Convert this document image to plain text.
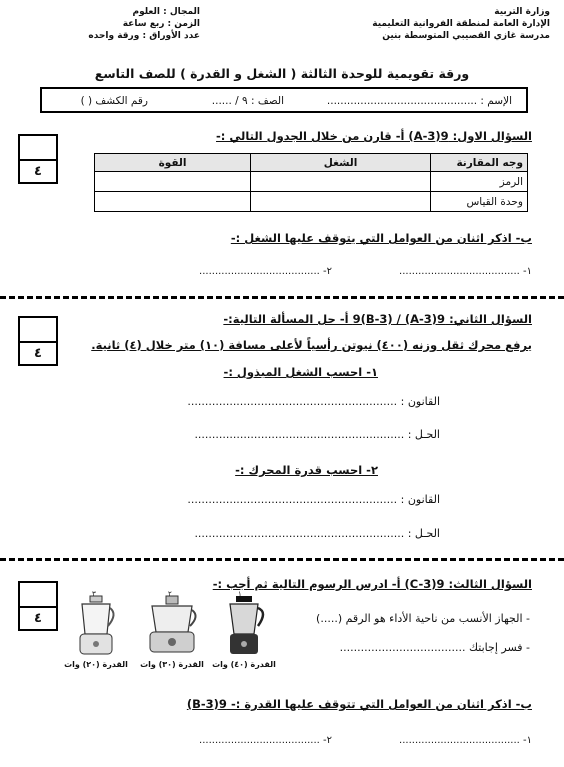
وزارة التربية
الإدارة العامة لمنطقة الفروانية التعليمية
مدرسة غازي القصيبي المتوسطة بنين
المجال : العلوم
الزمن : ربع ساعة
عدد الأوراق : ورقة واحده
ورقة تقويمية للوحدة الثالثة ( الشغل و القدرة ) للصف التاسع
الإسم : .............................................
الصف : ٩ / ......
رقم الكشف ( )
٤
السؤال الاول: 9(A-3) أ- قارن من خلال الجدول التالي :-
وجه المقارنة	الشغل	القوة
الرمز		
وحدة القياس		
ب- اذكر اثنان من العوامل التي يتوقف عليها الشغل :-
١- ......................................
٢- ......................................
٤
السؤال الثاني: 9(A-3) / 9(B-3) أ- حل المسألة التالية:-
يرفع محرك ثقل وزنه (٤٠٠) نيوتن رأسياً لأعلى مسافة (١٠) متر خلال (٤) ثانية.
١- احسب الشغل المبذول :-
القانون : ............................................................
الحـل : ............................................................
٢- احسب قدرة المحرك :-
القانون : ............................................................
الحـل : ............................................................
٤
السؤال الثالث: 9(C-3) أ- ادرس الرسوم التالية ثم أجب :-
- الجهاز الأنسب من ناحية الأداء هو الرقم (.....)
- فسر إجابتك ....................................
١
القدرة (٤٠) وات
٢
القدرة (٣٠) وات
٣
القدرة (٢٠) وات
ب- اذكر اثنان من العوامل التي تتوقف عليها القدرة :- 9(B-3)
١- ......................................
٢- ......................................
